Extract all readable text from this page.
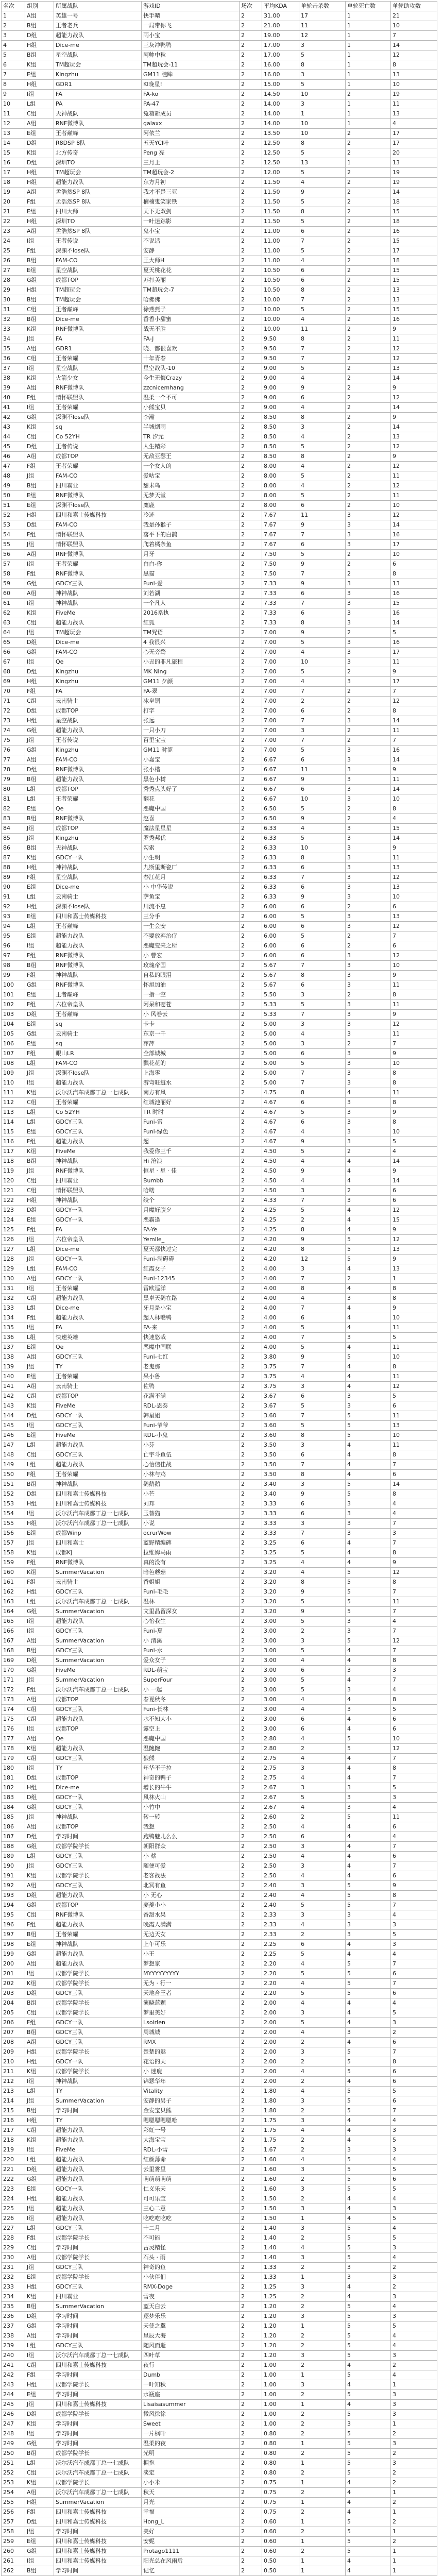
名次	组别	所属战队	游戏ID	场次	平均KDA	单轮击杀数	单轮死亡数	单轮助攻数
1	A组	英雄一号	快手晴	2	31.00	17	1	21
2	B组	王者老兵	一局带你飞	2	21.00	11	1	10
3	D组	超能力战队	雨小宝	2	19.00	12	1	7
4	H组	Dice-me	三灰冲鸭鸭	2	17.00	3	1	14
5	B组	星空战队	阿帅中秋	2	17.00	5	1	12
6	K组	TM超玩会	TM超玩会-11	2	16.00	8	1	8
7	E组	Kingzhu	GM11 瞳眸	2	16.00	3	1	13
8	H组	GDR1	KI晚星!	2	15.00	5	1	10
9	I组	FA	FA-ko	2	14.50	10	2	19
10	L组	PA	PA-47	2	14.00	3	1	11
11	C组	天神战队	兔箱新成员	2	14.00	1	1	13
12	A组	RNF微博队	galaxx	2	14.00	10	1	4
13	E组	王者巅峰	阿依兰	2	13.50	10	2	17
14	D组	R8DSP 8队	五天YCI叶	2	12.50	8	2	17
15	K组	北方传奇	Peng 亮	2	12.50	5	2	20
16	D组	深圳TO	三月上	2	12.50	13	1	13
17	H组	TM超玩会	TM超玩会-2	2	12.00	5	2	19
18	H组	超能力战队	东方月初	2	11.50	4	2	19
19	A组	孟浩然SP 8队	我才不是三亚	2	11.50	9	2	14
20	F组	孟浩然SP 8队	楠楠鬼笑家铁	2	11.50	5	2	18
21	E组	四川大师	天下无双剑	2	11.50	8	2	15
22	H组	深圳TO	一叶迷踪影	2	11.50	5	2	18
23	A组	孟浩然SP 8队	鬼小宝	2	11.00	6	2	16
24	I组	王者传说	不说话	2	11.00	7	2	15
25	F组	深渊不lose队	安静	2	11.00	5	2	17
26	B组	FAM-CO	王大师H	2	11.00	4	2	18
27	E组	星空战队	夏天桃花花	2	10.50	6	2	15
28	G组	成都TOP	苏打美丽	2	10.50	6	2	15
29	H组	TM超玩会	TM超玩会-7	2	10.50	8	2	13
30	B组	TM超玩会	哈佛佛	2	10.00	7	2	13
31	C组	王者巅峰	徐燕燕子	2	10.00	5	2	15
32	B组	Dice-me	香香小甜蜜	2	10.00	4	2	16
33	K组	RNF微博队	战无不胜	2	10.00	11	2	9
34	J组	FA	FA-J	2	9.50	8	2	11
35	A组	GDR1	晓、都很喜欢	2	9.50	7	2	12
36	C组	王者荣耀	十年青春	2	9.50	7	2	12
37	I组	星空战队	星空战队-10	2	9.00	5	2	13
38	K组	火箭少女	今生无悔Crazy	2	9.00	4	2	14
39	A组	RNF微博队	zzcnicemhang	2	9.00	9	2	9
40	F组	情怀联盟队	温柔一个不可	2	9.00	6	2	12
41	I组	王者荣耀	小熊宝贝	2	9.00	4	2	14
42	G组	深渊不lose队	李瀚	2	8.50	8	2	9
43	K组	sq	半城烟雨	2	8.50	3	2	14
44	C组	Co 52YH	TR 汐元	2	8.50	4	2	13
45	D组	王者传说	人生精彩	2	8.50	5	2	12
46	A组	成都TOP	无敌亚瑟王	2	8.50	8	2	9
47	F组	王者荣耀	一个女人的	2	8.00	4	2	12
48	J组	FAM-CO	爱咕宝	2	8.00	5	2	11
49	B组	四川霸业	甜未鸟	2	8.00	4	2	12
50	E组	RNF微博队	无梦天堂	2	8.00	5	2	11
51	E组	深渊不lose队	麋鹿	2	8.00	6	2	10
52	H组	四川和嘉士传媒科技	冷迹	2	7.67	11	3	12
53	D组	FAM-CO	我是孙猴子	2	7.67	9	3	14
54	F组	情怀联盟队	落平下的白鹊	2	7.67	7	3	16
55	J组	情怀联盟队	爬着橘条鱼	2	7.67	6	3	17
56	A组	RNF微博队	月牙	2	7.50	5	2	10
57	I组	王者荣耀	白白-你	2	7.50	9	2	6
58	F组	RNF微博队	黑猫	2	7.50	7	2	8
59	G组	GDCY三队	Funi-爱	2	7.33	9	3	13
60	A组	神神战队	刘若湖	2	7.33	6	3	16
61	I组	神神战队	一个凡人	2	7.33	7	3	15
62	K组	FiveMe	2016系执	2	7.33	6	3	16
63	C组	超能力战队	红狐	2	7.33	8	3	14
64	J组	TM超玩会	TM咒语	2	7.00	9	2	5
65	D组	Dice-me	4 我很兴	2	7.00	5	3	16
66	G组	FAM-CO	心无旁骛	2	7.00	4	3	17
67	I组	Qe	小丑的非凡旅程	2	7.00	10	3	11
68	D组	Kingzhu	MK Ning	2	7.00	5	2	9
69	H组	Kingzhu	GM11 夕颜	2	7.00	4	3	17
70	F组	FA	FA-翠	2	7.00	7	2	7
71	C组	云南骑士	冰皇铜	2	7.00	2	2	12
72	D组	成都TOP	打字	2	7.00	6	2	8
73	H组	星空战队	张远	2	7.00	7	3	14
74	G组	超能力战队	一只小刀	2	7.00	3	2	11
75	J组	王者传说	百里宝宝	2	7.00	7	2	7
76	G组	Kingzhu	GM11 时涩	2	7.00	5	3	16
77	A组	FAM-CO	小嘉宝	2	6.67	6	3	14
78	D组	RNF微博队	张小楷	2	6.67	11	3	9
79	B组	超能力战队	黑色小树	2	6.67	9	3	11
80	L组	成都TOP	秀秀点头好了	2	6.67	6	3	14
81	L组	王者荣耀	翻花	2	6.67	10	3	10
82	E组	Qe	恶魔中国	2	6.50	5	2	8
83	B组	RNF微博队	赵喜	2	6.50	9	2	4
84	J组	成都TOP	魔法星星星	2	6.33	4	3	15
85	J组	Kingzhu	罗秀邦优	2	6.33	5	3	14
86	B组	天神战队	勾索	2	6.33	10	3	9
87	K组	GDCY一队	小生明	2	6.33	8	3	11
88	H组	神神战队	九斯里斯瓷厂	2	6.33	6	3	13
89	F组	星空战队	春江花月	2	6.33	7	3	12
90	E组	Dice-me	小 中华传说	2	6.33	6	3	13
91	L组	云南骑士	萨鱼宝	2	6.33	9	3	10
92	H组	深渊不lose队	川流不息	2	6.00	6	2	6
93	E组	四川和嘉士传媒科技	三分手	2	6.00	5	3	13
94	L组	王者巅峰	一生会安	2	6.00	6	3	12
95	E组	超能力战队	不要放弃治疗	2	6.00	5	2	7
96	I组	超能力战队	恶魔变来之所	2	6.00	6	2	6
97	F组	RNF微博队	小 曹宏	2	6.00	6	3	12
98	B组	RNF微博队	玫瑰帝国	2	5.67	7	3	10
99	F组	神神战队	自私的眼泪	2	5.67	8	3	9
100	G组	RNF微博队	怀旭加油	2	5.67	6	3	11
101	E组	王者巅峰	一指一空	2	5.50	3	2	8
102	F组	六位帝皇队	阿呆和苍苍	2	5.33	5	3	11
103	D组	王者巅峰	小 风卷云	2	5.33	7	3	9
104	E组	sq	卡卡	2	5.00	3	3	12
105	G组	云南骑士	东京一千	2	5.00	4	3	11
106	E组	sq	萍萍	2	5.00	3	2	7
107	F组	眼山LR	全部城城	2	5.00	6	3	9
108	L组	FAM-CO	飘花花的	2	5.00	5	3	10
109	J组	深渊不lose队	上海零	2	5.00	7	3	8
110	I组	超能力战队	游弯旺鲢水	2	5.00	7	3	8
111	K组	沃尔沃汽车成都丁总一七成队	南方有风	2	4.75	8	4	11
112	C组	王者荣耀	红城池丽好	2	4.67	6	3	8
113	L组	Co 52YH	TR 时时	2	4.67	5	3	9
114	L组	GDCY三队	Funi-雷	2	4.67	6	3	8
115	E组	GDCY三队	Funi-绿色	2	4.67	4	3	10
116	F组	超能力战队	超	2	4.67	9	3	5
117	K组	FiveMe	我爱你三千	2	4.50	5	2	4
118	B组	神神战队	Hi 沧浪	2	4.50	4	4	14
119	J组	RNF微博队	恒星 · 星 · 佳	2	4.50	9	4	9
120	C组	四川霸业	Bumbb	2	4.50	4	4	14
121	C组	情怀联盟队	哈喽	2	4.50	3	2	6
122	H组	神神战队	绞个	2	4.33	7	3	6
123	D组	GDCY一队	月魔好腹夕	2	4.25	5	4	12
124	E组	GDCY一队	恶霸逢	2	4.25	2	4	15
125	F组	FA	FA-Ye	2	4.25	8	4	9
126	J组	六位帝皇队	Yemlle_	2	4.20	9	5	12
127	L组	Dice-me	夏天都快过完	2	4.20	8	5	13
128	J组	GDCY一队	Funi-满碍碍	2	4.20	12	5	9
129	L组	FAM-CO	红霞女子	2	4.00	3	4	13
130	A组	GDCY一队	Funi-12345	2	4.00	7	2	1
131	I组	王者荣耀	雷欧巡洋	2	4.00	8	4	8
132	C组	超能力战队	黑卓天鹅在路	2	4.00	4	3	8
133	L组	Dice-me	牙月是小宝	2	4.00	7	4	9
134	F组	超能力战队	超人林嘴鸭	2	4.00	6	4	10
135	I组	FA	FA-来	2	4.00	5	4	11
136	L组	快速英雄	快速悠哉	2	4.00	7	3	5
137	E组	Qe	恶魔中国联	2	4.00	5	4	11
138	A组	GDCY三队	Funi-七红	2	3.80	9	5	10
139	J组	TY	老鬼那	2	3.75	7	4	8
140	E组	王者荣耀	呆小鲁	2	3.75	4	4	11
141	A组	云南骑士	佐鸭	2	3.75	3	4	12
142	C组	成都TOP	花满不满	2	3.67	6	3	5
143	K组	FiveMe	RDL-恩泰	2	3.67	5	3	6
144	D组	GDCY一队	韩星姐	2	3.60	7	5	11
145	I组	GDCY三队	Funi-爷爷	2	3.60	5	5	13
146	E组	FiveMe	RDL-小鬼	2	3.60	8	5	10
147	L组	超能力战队	小芬	2	3.50	3	4	11
148	C组	GDCY三队	亡宇斗鱼伍	2	3.50	6	4	8
149	L组	超能力战队	心怡信佳战	2	3.50	7	4	7
150	F组	王者荣耀	小林与鸡	2	3.50	8	4	6
151	B组	神神战队	鹅鹅鹅	2	3.40	3	5	14
152	D组	四川和嘉士传媒科技	小芒	2	3.40	9	5	8
153	H组	四川和嘉士传媒科技	刘邦	2	3.33	6	3	4
154	I组	沃尔沃汽车成都丁总一七成队	玉菩猫	2	3.33	6	3	4
155	H组	沃尔沃汽车成都丁总一七成队	小说	2	3.33	3	3	7
156	E组	成都Winp	ocrurWow	2	3.33	7	3	3
157	J组	四川和嘉士	蓝野精编碑	2	3.25	6	4	7
158	K组	成都Kj	拉维姆马雨	2	3.25	5	4	8
159	F组	RNF微博队	真的没有	2	3.25	4	4	9
160	K组	SummerVacation	暗色蘑菇	2	3.20	4	5	12
161	F组	云南骑士	香姐姐	2	3.20	8	5	8
162	H组	GDCY三队	Funi-毛毛	2	3.20	9	5	7
163	L组	沃尔沃汽车成都丁总一七成队	温林	2	3.20	5	5	11
164	G组	SummerVacation	文里晶留深女	2	3.20	9	5	7
165	I组	超能力战队	心怡我生	2	3.00	5	3	4
166	I组	GDCY三队	Funi-夏	2	3.00	2	3	7
167	A组	SummerVacation	小 清溪	2	3.00	3	5	12
168	B组	GDCY三队	Funi-水	2	3.00	5	4	7
169	D组	SummerVacation	爱众女子	2	3.00	4	4	8
170	G组	FiveMe	RDL-萌宝	2	3.00	6	3	3
171	J组	SummerVacation	SuperFour	2	3.00	5	4	7
172	F组	沃尔沃汽车成都丁总一七成队	小 一起	2	3.00	5	3	4
173	A组	成都TOP	春夏秋冬	2	3.00	4	4	8
174	C组	GDCY三队	Funi-长林	2	3.00	4	3	5
175	C组	超能力战队	水不知大小	2	3.00	6	4	6
176	I组	成都TOP	露空上	2	3.00	6	4	6
177	A组	Qe	恶魔中国	2	2.80	4	5	10
178	K组	超能力战队	温鲍鲍	2	2.80	2	5	12
179	C组	GDCY三队	狼熊	2	2.75	4	4	7
180	I组	TY	年华不于拉	2	2.75	3	4	8
181	D组	成都TOP	神奇的鸭子	2	2.75	4	4	7
182	H组	Dice-me	增长的牛牛	2	2.67	3	3	5
183	D组	GDCY一队	风林火山	2	2.67	5	3	3
184	G组	GDCY三队	小竹中	2	2.67	4	3	4
185	J组	神神战队	转一转	2	2.60	2	5	11
186	A组	成都TOP	我想	2	2.50	4	4	6
187	D组	学习时间	跑鸭魅儿么么	2	2.50	6	4	4
188	G组	成都学院学长	朝阳群众	2	2.50	3	4	7
189	L组	GDCY三队	小 蔡	2	2.50	4	4	6
190	J组	GDCY三队	随便可爱	2	2.50	3	4	7
191	K组	成都学院学长	老客战法	2	2.50	4	4	6
192	A组	GDCY三队	北冥有鱼	2	2.40	3	5	9
193	D组	超能力战队	小 无心	2	2.40	4	5	8
194	G组	成都TOP	菱菱小小	2	2.40	5	5	7
195	C组	RNF微博队	香甜水果	2	2.33	3	3	4
196	F组	超能力战队	晚霞人满满	2	2.33	4	3	3
197	B组	王者荣耀	无边天女	2	2.33	2	3	5
198	E组	神神战队	上午可乐	2	2.25	6	4	3
199	G组	超能力战队	小王	2	2.25	5	4	4
200	A组	超能力战队	梦想家	2	2.20	4	5	7
201	I组	成都学院学长	MYYYYYYYYY	2	2.20	5	5	6
202	K组	成都学院学长	无为 · 行一	2	2.20	4	5	7
203	D组	GDCY三队	天地合王者	2	2.20	5	5	6
204	B组	成都学院学长	演晓蓝颗	2	2.00	4	4	4
205	C组	成都学院学长	梦里美好	2	2.00	3	4	5
206	F组	GDCY一队	Lsoirlen	2	2.00	5	4	3
207	B组	GDCY三队	周城城	2	2.00	4	3	2
208	A组	GDCY三队	RMX	2	2.00	2	4	6
209	H组	成都学院学长	楚楚的魅	2	2.00	3	5	7
210	H组	GDCY一队	花语的天	2	2.00	2	5	8
211	K组	成都学院学长	小 迷鹿	2	2.00	4	5	6
212	I组	神神战队	锦瑟华年	2	2.00	2	4	6
213	L组	TY	Vitality	2	1.80	4	5	5
214	J组	SummerVacation	安静的男子	2	1.80	3	5	6
215	B组	学习时间	金发宝贝熊	2	1.80	2	5	7
216	H组	TY	嗯嗯嗯嗯嗯哈	2	1.75	3	4	4
217	C组	超能力战队	彩虹一号	2	1.75	4	4	3
218	K组	超能力战队	大海宝宝	2	1.75	2	4	5
219	I组	FiveMe	RDL-小雪	2	1.67	2	3	3
220	L组	超能力战队	红颜薄命	2	1.60	4	5	4
221	D组	超能力战队	云里雾里	2	1.60	3	5	5
222	G组	超能力战队	萌萌萌萌萌	2	1.60	2	5	6
223	E组	GDCY一队	仁义乐天	2	1.60	3	5	5
224	H组	超能力战队	可可乐宝	2	1.50	2	4	4
225	J组	超能力战队	三心二意	2	1.50	3	4	3
226	I组	超能力战队	吃吃吃吃吃	2	1.50	1	4	5
227	L组	GDCY三队	十二月	2	1.40	3	5	4
228	F组	成都学院学长	不可能	2	1.40	2	5	5
229	C组	学习时间	古灵精怪	2	1.40	4	5	3
230	A组	成都学院学长	石头 · 雨	2	1.40	3	5	4
231	J组	GDCY三队	神奇的鱼	2	1.33	2	3	2
232	E组	成都学院学长	小伙伴们	2	1.33	1	3	3
233	H组	GDCY三队	RMX-Doge	2	1.25	3	4	2
234	K组	四川霸业	雪夜	2	1.25	2	4	3
235	B组	SummerVacation	蓝天白云	2	1.20	2	5	4
236	D组	学习时间	逐梦乐乐	2	1.20	3	5	3
237	G组	学习时间	天使之翼	2	1.20	1	5	5
238	A组	学习时间	星辰大海	2	1.20	2	5	4
239	L组	GDCY三队	随风而逝	2	1.20	2	5	4
240	I组	沃尔沃汽车成都丁总一七成队	四叶草	2	1.20	3	5	3
241	C组	四川和嘉士传媒科技	夜行	2	1.00	2	4	2
242	F组	学习时间	Dumb	2	1.00	1	5	4
243	H组	成都学院学长	一叶知秋	2	1.00	3	4	1
244	E组	学习时间	水瓶座	2	1.00	2	5	3
245	J组	四川和嘉士传媒科技	Lisaisasummer	2	1.00	1	4	3
246	D组	成都学院学长	微风徐徐	2	1.00	2	5	3
247	K组	学习时间	Sweet	2	1.00	2	3	1
248	I组	学习时间	一片枫叶	2	0.80	2	5	2
249	G组	学习时间	温柔的夜	2	0.80	1	5	3
250	B组	成都学院学长	光明	2	0.80	2	5	2
251	L组	沃尔沃汽车成都丁总一七成队	拥抱	2	0.80	1	5	3
252	C组	沃尔沃汽车成都丁总一七成队	淡定	2	0.80	2	5	2
253	K组	成都学院学长	小小米	2	0.75	1	4	2
254	A组	沃尔沃汽车成都丁总一七成队	秋天	2	0.75	2	4	1
255	H组	SummerVacation	月光	2	0.75	1	4	2
256	F组	四川和嘉士传媒科技	幸福	2	0.75	2	4	1
257	D组	四川和嘉士传媒科技	Hong_L	2	0.60	1	5	2
258	J组	学习时间	美好	2	0.60	2	5	1
259	E组	四川和嘉士传媒科技	安妮	2	0.60	1	5	2
260	G组	四川和嘉士传媒科技	Protago1111	2	0.60	2	5	1
261	I组	四川和嘉士传媒科技	阳光总在风雨后	2	0.50	1	4	1
262	B组	学习时间	记忆	2	0.50	1	4	1
